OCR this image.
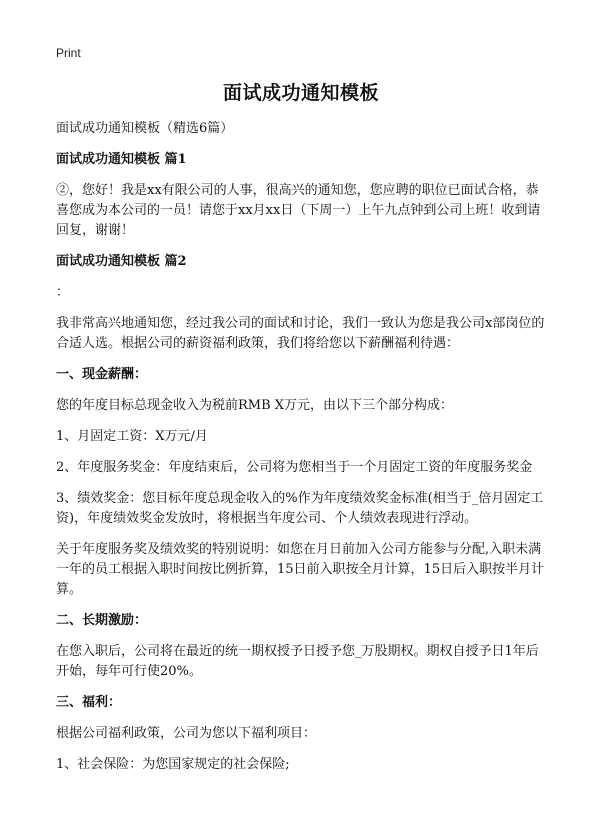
Print
面试成功通知模板
面试成功通知模板（精选6篇）
面试成功通知模板 篇1
②，您好！我是xx有限公司的人事，很高兴的通知您，您应聘的职位已面试合格，恭喜您成为本公司的一员！请您于xx月xx日（下周一）上午九点钟到公司上班！收到请回复，谢谢！
面试成功通知模板 篇2
：
我非常高兴地通知您，经过我公司的面试和讨论，我们一致认为您是我公司x部岗位的合适人选。根据公司的薪资福利政策，我们将给您以下薪酬福利待遇：
一、现金薪酬：
您的年度目标总现金收入为税前RMB X万元，由以下三个部分构成：
1、月固定工资：X万元/月
2、年度服务奖金：年度结束后，公司将为您相当于一个月固定工资的年度服务奖金
3、绩效奖金：您目标年度总现金收入的%作为年度绩效奖金标准(相当于_倍月固定工资)，年度绩效奖金发放时，将根据当年度公司、个人绩效表现进行浮动。
关于年度服务奖及绩效奖的特别说明：如您在月日前加入公司方能参与分配,入职未满一年的员工根据入职时间按比例折算，15日前入职按全月计算，15日后入职按半月计算。
二、长期激励：
在您入职后，公司将在最近的统一期权授予日授予您_万股期权。期权自授予日1年后开始，每年可行使20%。
三、福利：
根据公司福利政策，公司为您以下福利项目：
1、社会保险：为您国家规定的社会保险;
